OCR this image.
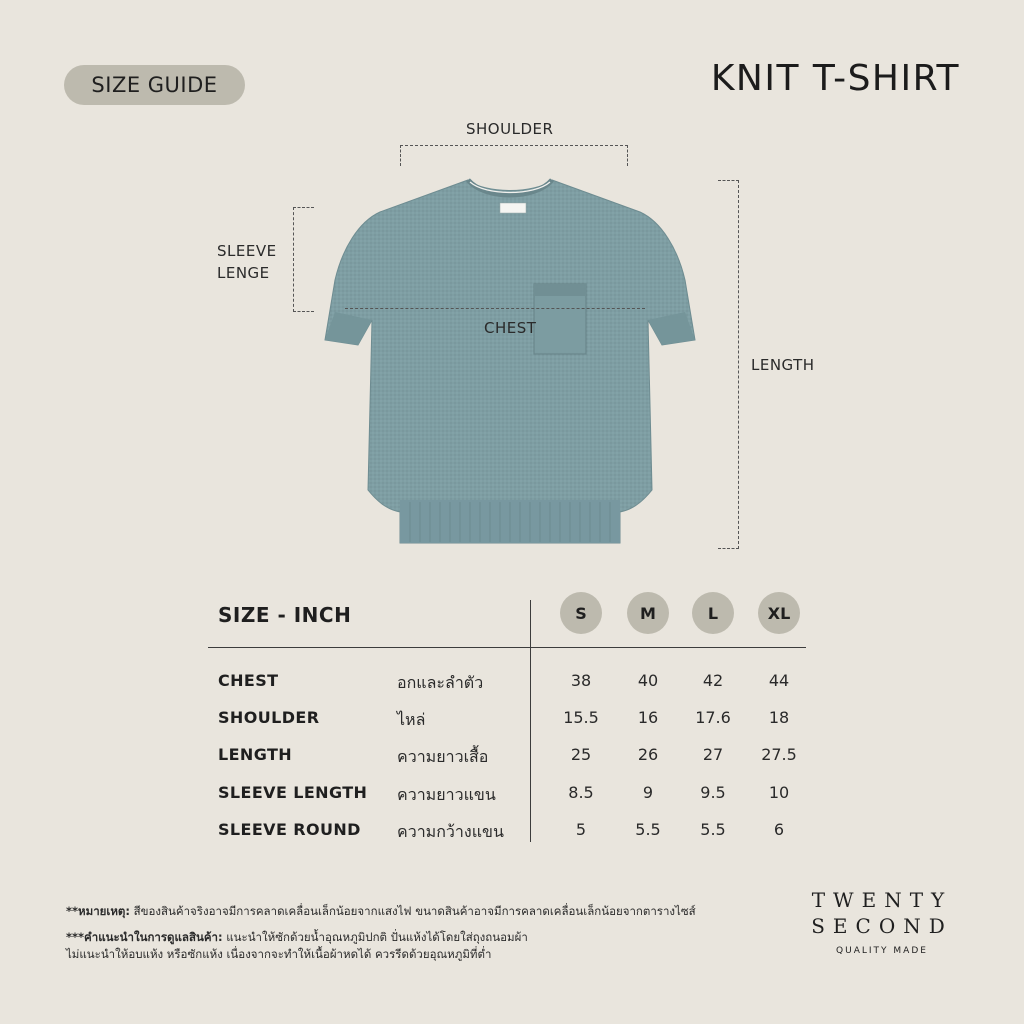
SIZE GUIDE	KNIT T-SHIRT
SHOULDER
SLEEVE
LENGE
CHEST
LENGTH
SIZE - INCH	S	M	L	XL
CHEST	อกและลำตัว	38	40	42	44
SHOULDER	ไหล่	15.5	16	17.6	18
LENGTH	ความยาวเสื้อ	25	26	27	27.5
SLEEVE LENGTH ความยาวแขน	8.5	9	9.5	10
SLEEVE ROUND ความกว้างแขน	5	5.5	5.5	6
**หมายเหตุ: สีของสินค้าจริงอาจมีการคลาดเคลื่อนเล็กน้อยจากแสงไฟ ขนาดสินค้าอาจมีการคลาดเคลื่อนเล็กน้อยจากตารางไซส์
***คำแนะนำในการดูแลสินค้า: แนะนำให้ซักด้วยน้ำอุณหภูมิปกติ ปั่นแห้งได้โดยใส่ถุงถนอมผ้า
ไม่แนะนำให้อบแห้ง หรือซักแห้ง เนื่องจากจะทำให้เนื้อผ้าหดได้ ควรรีดด้วยอุณหภูมิที่ต่ำ
TWENTY
SECOND
QUALITY MADE
